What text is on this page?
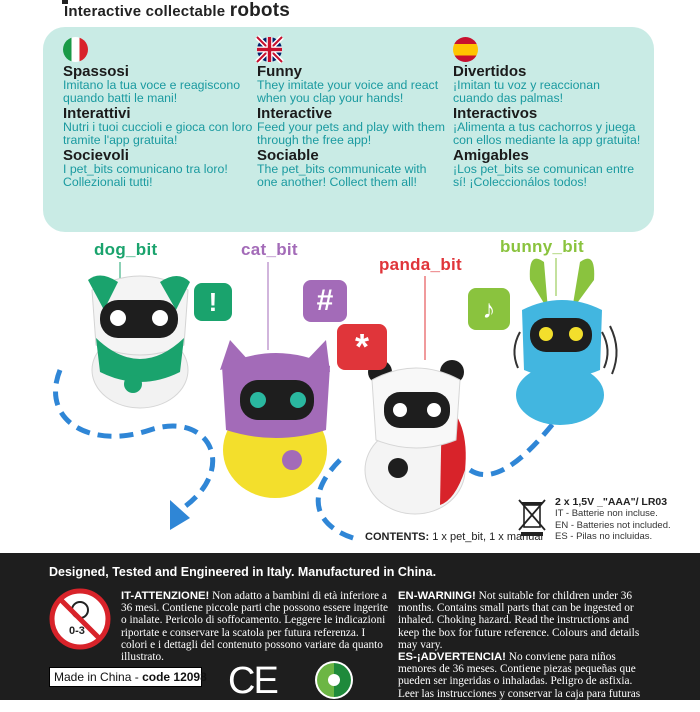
Interactive collectable robots
Spassosi
Imitano la tua voce e reagiscono quando batti le mani!
Interattivi
Nutri i tuoi cuccioli e gioca con loro tramite l'app gratuita!
Socievoli
I pet_bits comunicano tra loro! Collezionali tutti!
Funny
They imitate your voice and react when you clap your hands!
Interactive
Feed your pets and play with them through the free app!
Sociable
The pet_bits communicate with one another! Collect them all!
Divertidos
¡Imitan tu voz y reaccionan cuando das palmas!
Interactivos
¡Alimenta a tus cachorros y juega con ellos mediante la app gratuita!
Amigables
¡Los pet_bits se comunican entre sí! ¡Coleccionálos todos!
dog_bit	cat_bit
panda_bit
bunny_bit
!	#
*
♪
2 x 1,5V _"AAA"/ LR03
IT - Batterie non incluse.
EN - Batteries not included.
ES - Pilas no incluidas.
CONTENTS: 1 x pet_bit, 1 x manual
Designed, Tested and Engineered in Italy. Manufactured in China.
0-3
IT-ATTENZIONE! Non adatto a bambini di età inferiore a 36 mesi. Contiene piccole parti che possono essere ingerite o inalate. Pericolo di soffocamento. Leggere le indicazioni riportate e conservare la scatola per futura referenza. I colori e i dettagli del contenuto possono variare da quanto illustrato.
EN-WARNING! Not suitable for children under 36 months. Contains small parts that can be ingested or inhaled. Choking hazard. Read the instructions and keep the box for future reference. Colours and details may vary.
ES-¡ADVERTENCIA! No conviene para niños menores de 36 meses. Contiene piezas pequeñas que pueden ser ingeridas o inhaladas. Peligro de asfixia. Leer las instrucciones y conservar la caja para futuras referencias. Los colores y los detalles del
Made in China - code 12098 CE
